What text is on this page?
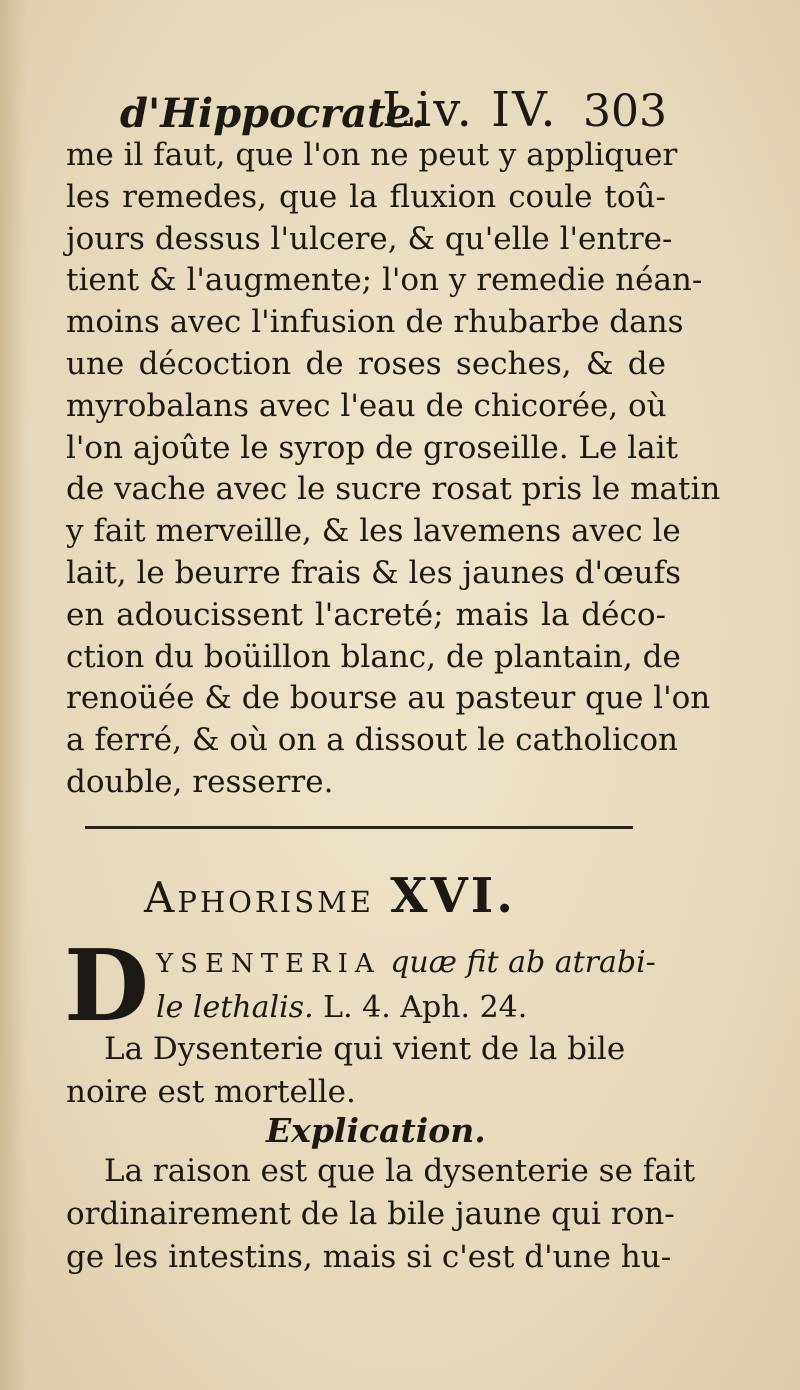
d'Hippocrate.
Liv. IV. 303
me il faut, que l'on ne peut y appliquer
les remedes, que la fluxion coule toû-
jours dessus l'ulcere, & qu'elle l'entre-
tient & l'augmente; l'on y remedie néan-
moins avec l'infusion de rhubarbe dans
une décoction de roses seches, & de
myrobalans avec l'eau de chicorée, où
l'on ajoûte le syrop de groseille. Le lait
de vache avec le sucre rosat pris le matin
y fait merveille, & les lavemens avec le
lait, le beurre frais & les jaunes d'œufs
en adoucissent l'acreté; mais la déco-
ction du boüillon blanc, de plantain, de
renoüée & de bourse au pasteur que l'on
a ferré, & où on a dissout le catholicon
double, resserre.
Aphorisme XVI.
D YSENTERIA quæ fit ab atrabi-
le lethalis. L. 4. Aph. 24.
La Dysenterie qui vient de la bile
noire est mortelle.
Explication.
La raison est que la dysenterie se fait
ordinairement de la bile jaune qui ron-
ge les intestins, mais si c'est d'une hu-
